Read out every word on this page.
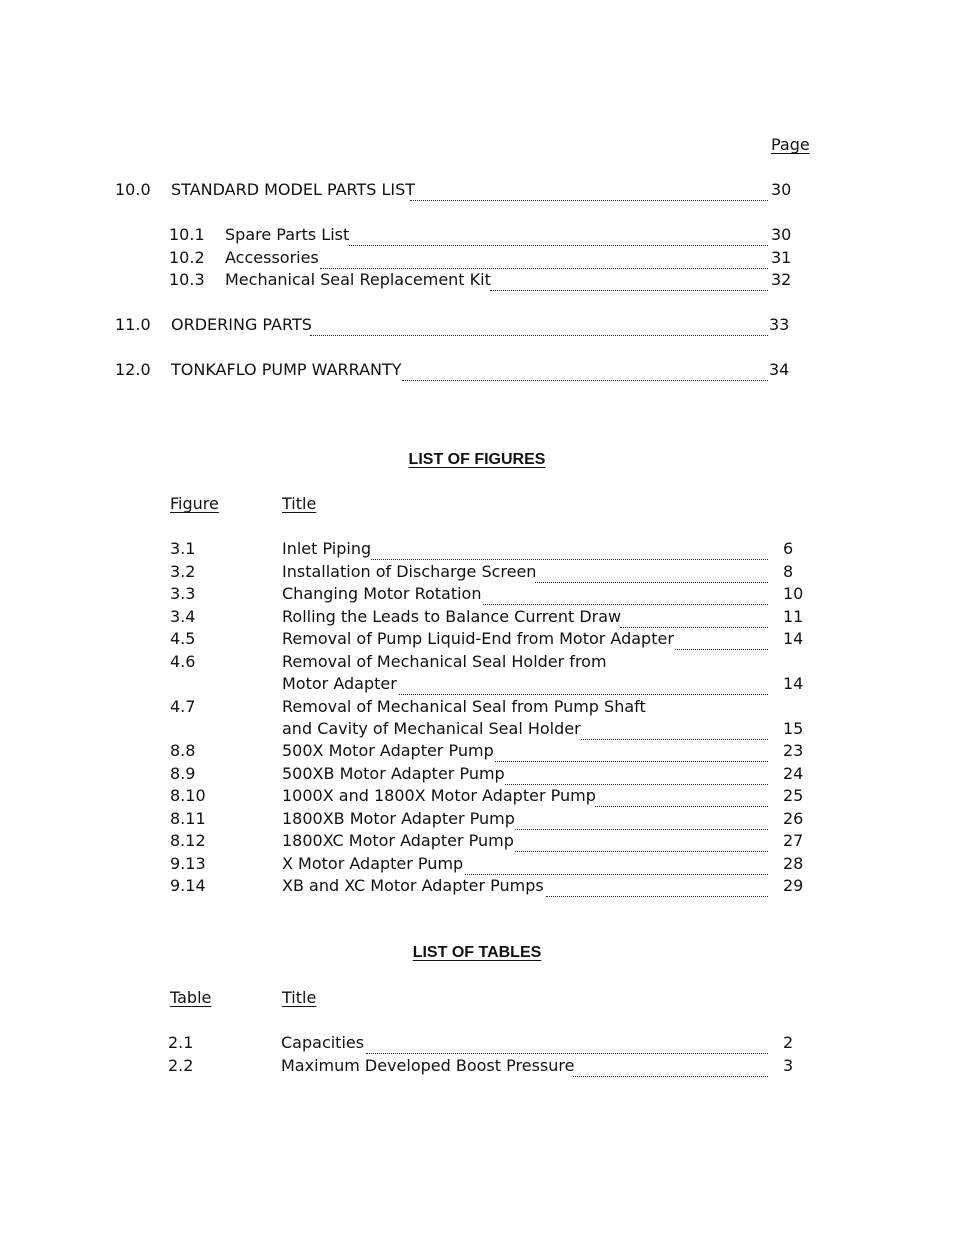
Page
10.0 STANDARD MODEL PARTS LIST	30
10.1 Spare Parts List	30
10.2 Accessories	31
10.3 Mechanical Seal Replacement Kit	32
11.0 ORDERING PARTS	33
12.0 TONKAFLO PUMP WARRANTY	34
LIST OF FIGURES
Figure	Title
3.1	Inlet Piping	6
3.2	Installation of Discharge Screen	8
3.3	Changing Motor Rotation	10
3.4	Rolling the Leads to Balance Current Draw	11
4.5	Removal of Pump Liquid-End from Motor Adapter	14
4.6	Removal of Mechanical Seal Holder from
Motor Adapter	14
4.7	Removal of Mechanical Seal from Pump Shaft
and Cavity of Mechanical Seal Holder	15
8.8	500X Motor Adapter Pump	23
8.9	500XB Motor Adapter Pump	24
8.10	1000X and 1800X Motor Adapter Pump	25
8.11	1800XB Motor Adapter Pump	26
8.12	1800XC Motor Adapter Pump	27
9.13	X Motor Adapter Pump	28
9.14	XB and XC Motor Adapter Pumps	29
LIST OF TABLES
Table	Title
2.1	Capacities	2
2.2	Maximum Developed Boost Pressure	3
